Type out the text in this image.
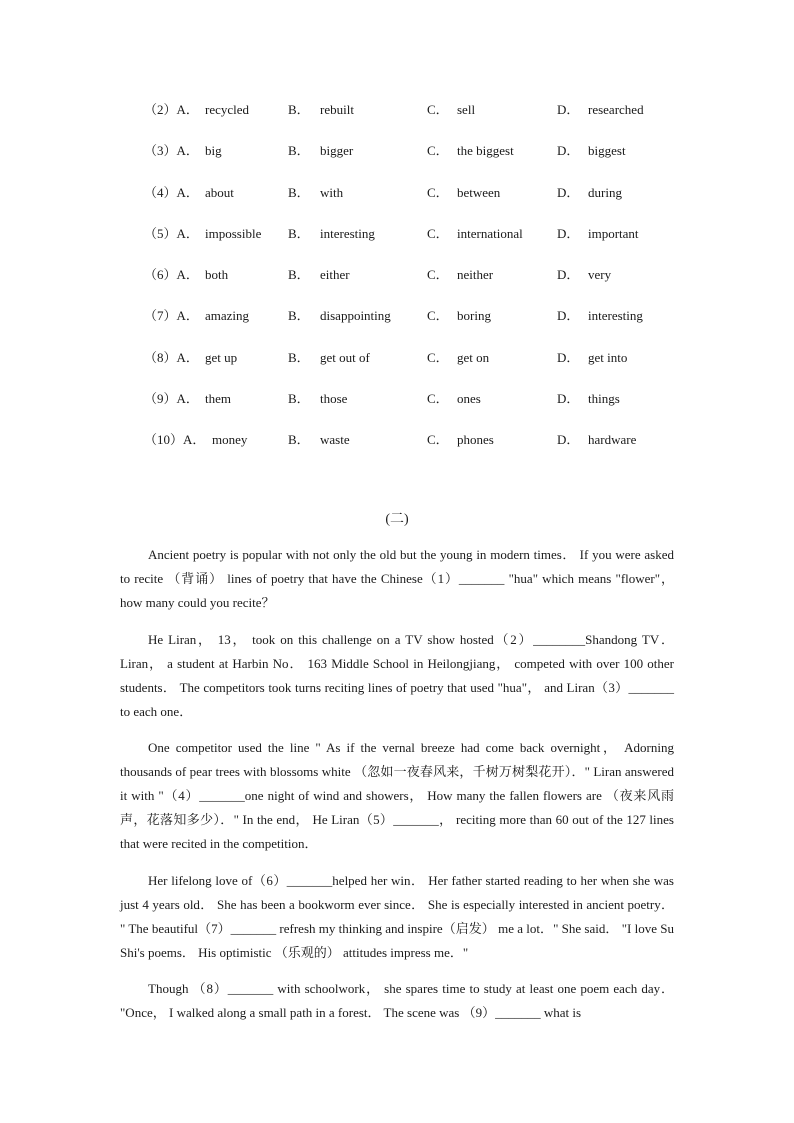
（2）A． recycled	B． rebuilt	C． sell	D． researched
（3）A． big	B． bigger	C． the biggest	D． biggest
（4）A． about	B． with	C． between	D． during
（5）A． impossible B． interesting	C． international	D． important
（6）A． both	B． either	C． neither	D． very
（7）A． amazing	B． disappointing	C． boring	D． interesting
（8）A． get up	B． get out of	C． get on	D． get into
（9）A． them	B． those	C． ones	D． things
（10）A． money	B． waste	C． phones	D． hardware
(二)

Ancient poetry is popular with not only the old but the young in modern times． If you were asked to recite （背诵） lines of poetry that have the Chinese（1）_______ "hua" which means "flower"， how many could you recite？

He Liran， 13， took on this challenge on a TV show hosted（2）________Shandong TV． Liran， a student at Harbin No． 163 Middle School in Heilongjiang， competed with over 100 other students． The competitors took turns reciting lines of poetry that used "hua"， and Liran（3）_______ to each one．

One competitor used the line " As if the vernal breeze had come back overnight， Adorning thousands of pear trees with blossoms white （忽如一夜春风来，千树万树梨花开）．" Liran answered it with "（4）_______one night of wind and showers， How many the fallen flowers are （夜来风雨声，花落知多少）．" In the end， He Liran（5）_______， reciting more than 60 out of the 127 lines that were recited in the competition．

Her lifelong love of（6）_______helped her win． Her father started reading to her when she was just 4 years old． She has been a bookworm ever since． She is especially interested in ancient poetry． " The beautiful（7）_______ refresh my thinking and inspire（启发） me a lot．" She said． "I love Su Shi's poems． His optimistic （乐观的） attitudes impress me．"

Though （8）_______ with schoolwork， she spares time to study at least one poem each day． "Once， I walked along a small path in a forest． The scene was （9）_______ what is
